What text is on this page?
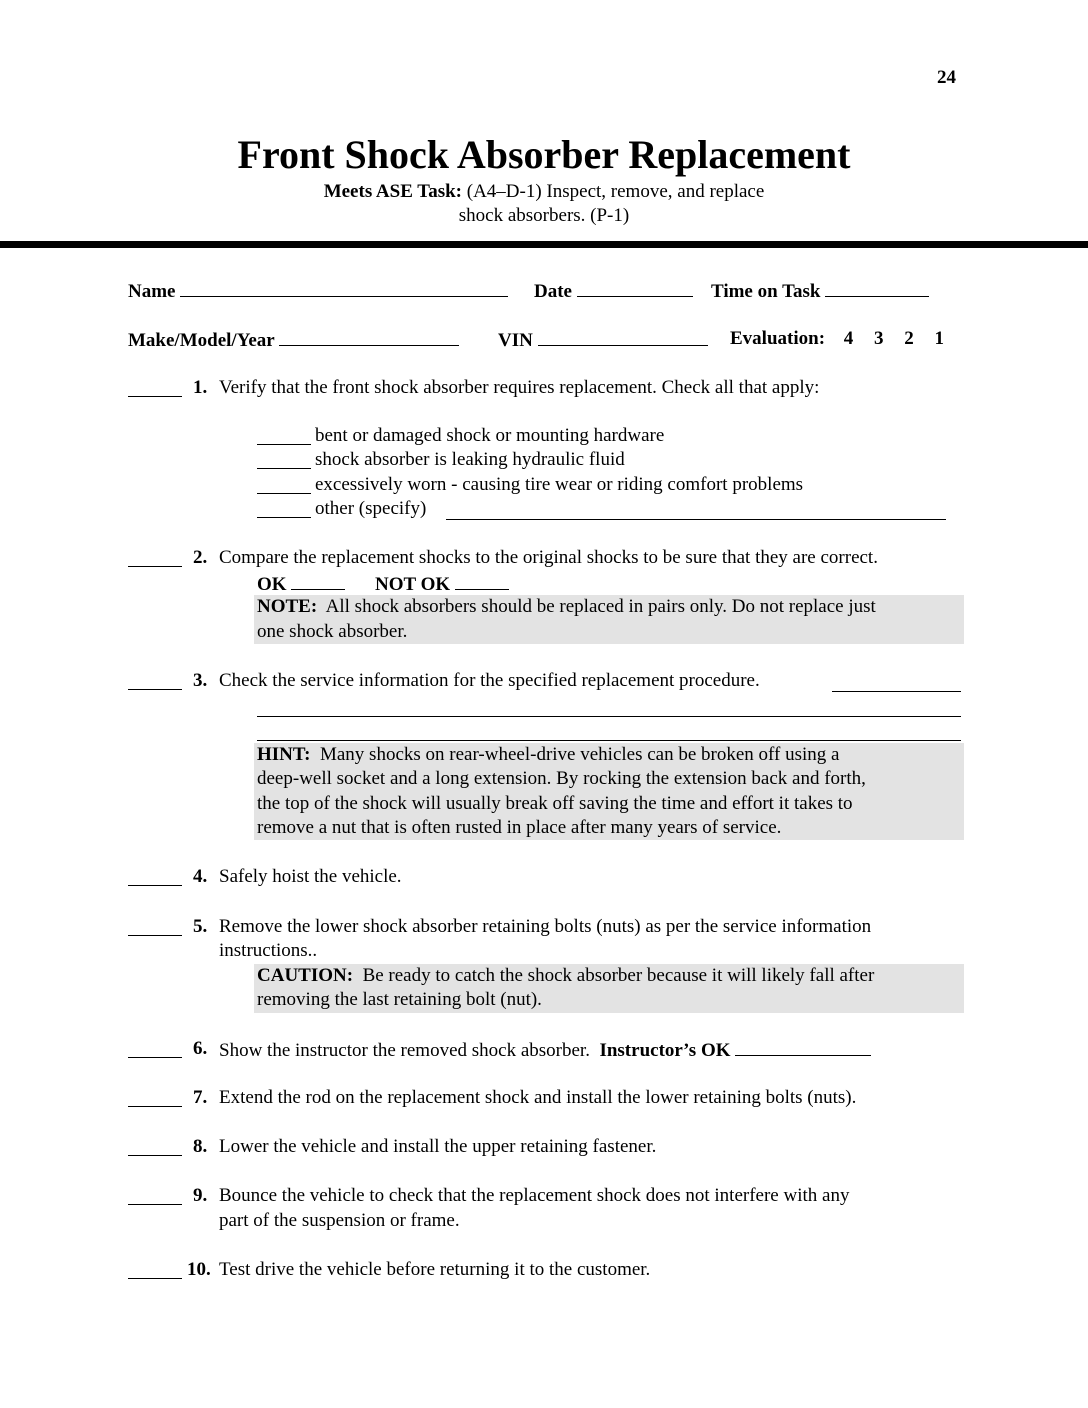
24
Front Shock Absorber Replacement
Meets ASE Task: (A4–D-1) Inspect, remove, and replace
shock absorbers. (P-1)
Name	Date	Time on Task
Make/Model/Year	VIN	Evaluation: 4 3 2 1
1. Verify that the front shock absorber requires replacement. Check all that apply:
bent or damaged shock or mounting hardware
shock absorber is leaking hydraulic fluid
excessively worn - causing tire wear or riding comfort problems
other (specify)
2. Compare the replacement shocks to the original shocks to be sure that they are correct.
OK	NOT OK
NOTE: All shock absorbers should be replaced in pairs only. Do not replace just
one shock absorber.
3. Check the service information for the specified replacement procedure.
HINT: Many shocks on rear-wheel-drive vehicles can be broken off using a
deep-well socket and a long extension. By rocking the extension back and forth,
the top of the shock will usually break off saving the time and effort it takes to
remove a nut that is often rusted in place after many years of service.
4. Safely hoist the vehicle.
5. Remove the lower shock absorber retaining bolts (nuts) as per the service information
instructions..
CAUTION: Be ready to catch the shock absorber because it will likely fall after
removing the last retaining bolt (nut).
6. Show the instructor the removed shock absorber. Instructor’s OK
7. Extend the rod on the replacement shock and install the lower retaining bolts (nuts).
8. Lower the vehicle and install the upper retaining fastener.
9. Bounce the vehicle to check that the replacement shock does not interfere with any
part of the suspension or frame.
10. Test drive the vehicle before returning it to the customer.
